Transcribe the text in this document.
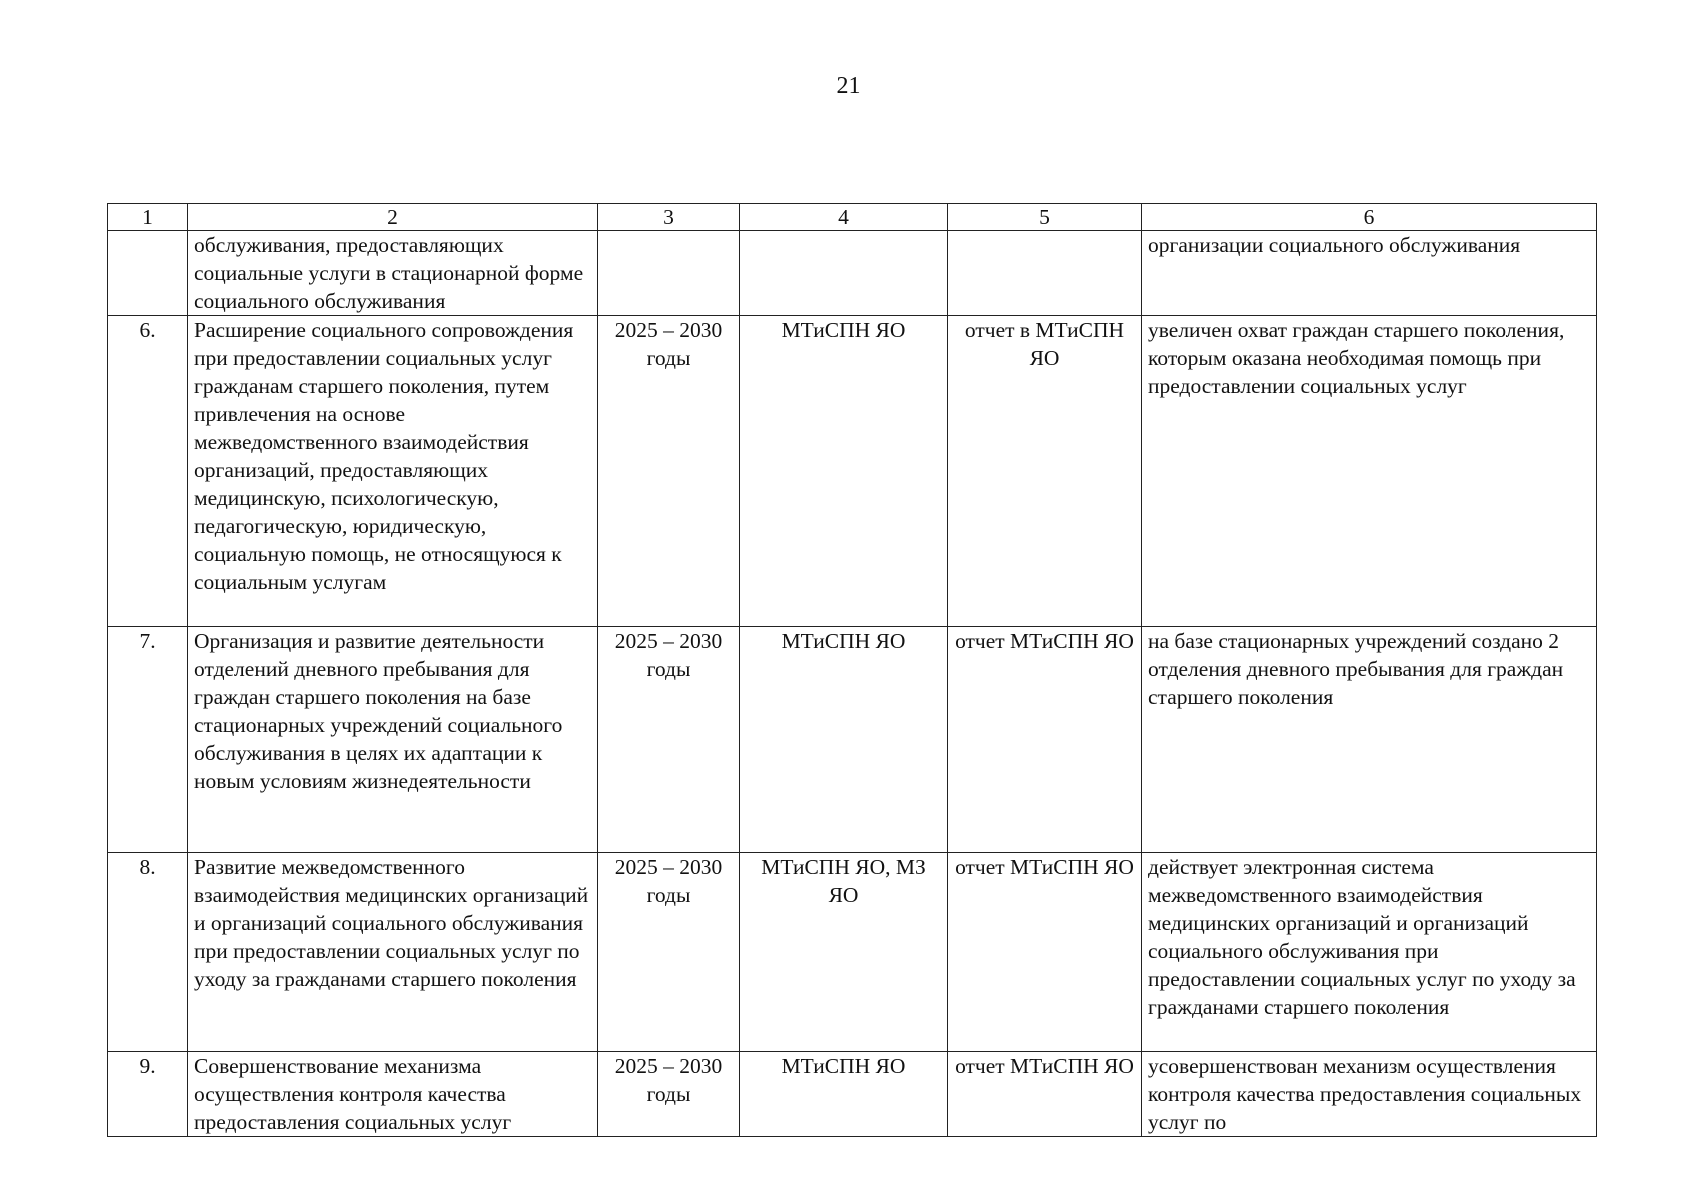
21
1	2	3	4	5	6
	обслуживания, предоставляющих социальные услуги в стационарной форме социального обслуживания				организации социального обслуживания
6.	Расширение социального сопровождения при предоставлении социальных услуг гражданам старшего поколения, путем привлечения на основе межведомственного взаимодействия организаций, предоставляющих медицинскую, психологическую, педагогическую, юридическую, социальную помощь, не относящуюся к социальным услугам	2025 – 2030 годы	МТиСПН ЯО	отчет в МТиСПН ЯО	увеличен охват граждан старшего поколения, которым оказана необходимая помощь при предоставлении социальных услуг
7.	Организация и развитие деятельности отделений дневного пребывания для граждан старшего поколения на базе стационарных учреждений социального обслуживания в целях их адаптации к новым условиям жизнедеятельности	2025 – 2030 годы	МТиСПН ЯО	отчет МТиСПН ЯО	на базе стационарных учреждений создано 2 отделения дневного пребывания для граждан старшего поколения
8.	Развитие межведомственного взаимодействия медицинских организаций и организаций социального обслуживания при предоставлении социальных услуг по уходу за гражданами старшего поколения	2025 – 2030 годы	МТиСПН ЯО, МЗ ЯО	отчет МТиСПН ЯО	действует электронная система межведомственного взаимодействия медицинских организаций и организаций социального обслуживания при предоставлении социальных услуг по уходу за гражданами старшего поколения
9.	Совершенствование механизма осуществления контроля качества предоставления социальных услуг	2025 – 2030 годы	МТиСПН ЯО	отчет МТиСПН ЯО	усовершенствован механизм осуществления контроля качества предоставления социальных услуг по
